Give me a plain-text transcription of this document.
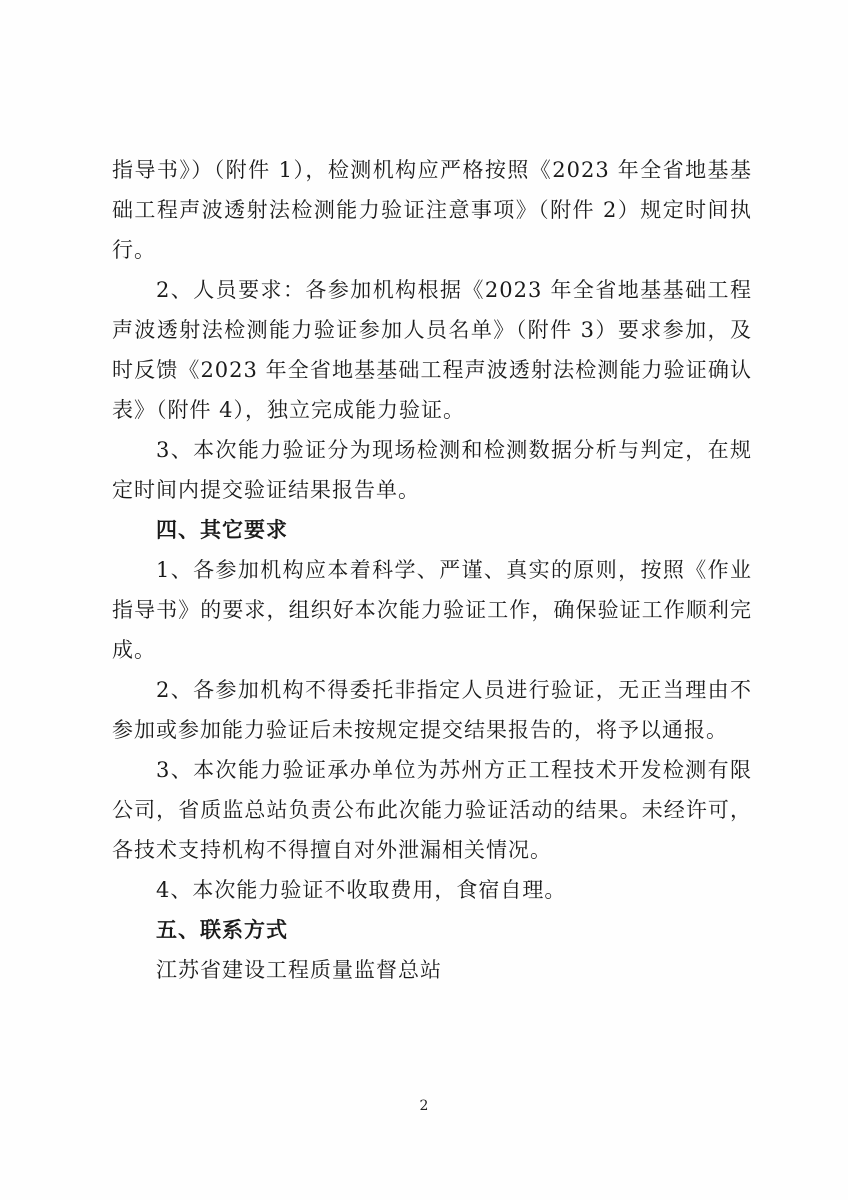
指导书》）（附件 1），检测机构应严格按照《2023 年全省地基基础工程声波透射法检测能力验证注意事项》（附件 2）规定时间执行。

2、人员要求：各参加机构根据《2023 年全省地基基础工程声波透射法检测能力验证参加人员名单》（附件 3）要求参加，及时反馈《2023 年全省地基基础工程声波透射法检测能力验证确认表》（附件 4），独立完成能力验证。

3、本次能力验证分为现场检测和检测数据分析与判定，在规定时间内提交验证结果报告单。

四、其它要求

1、各参加机构应本着科学、严谨、真实的原则，按照《作业指导书》的要求，组织好本次能力验证工作，确保验证工作顺利完成。

2、各参加机构不得委托非指定人员进行验证，无正当理由不参加或参加能力验证后未按规定提交结果报告的，将予以通报。

3、本次能力验证承办单位为苏州方正工程技术开发检测有限公司，省质监总站负责公布此次能力验证活动的结果。未经许可，各技术支持机构不得擅自对外泄漏相关情况。

4、本次能力验证不收取费用，食宿自理。

五、联系方式

江苏省建设工程质量监督总站

2
